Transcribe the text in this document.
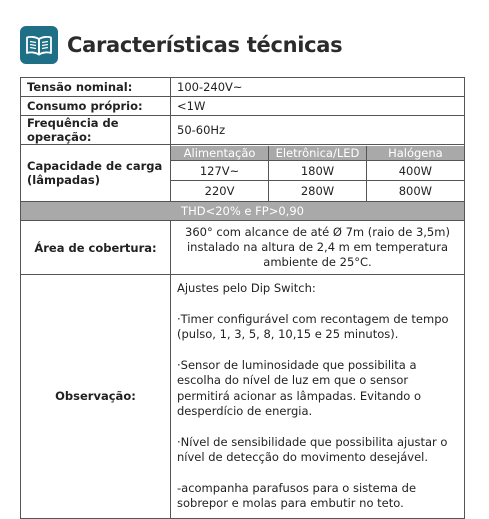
Características técnicas
Tensão nominal:	100-240V~
Consumo próprio:	<1W
Frequência de operação:	50-60Hz
Capacidade de carga (lâmpadas)	
Alimentação	Eletrônica/LED	Halógena
127V~	180W	400W
220V	280W	800W

THD<20% e FP>0,90
Área de cobertura:	360° com alcance de até Ø 7m (raio de 3,5m) instalado na altura de 2,4 m em temperatura ambiente de 25°C.
Observação:	

Ajustes pelo Dip Switch:

·Timer configurável com recontagem de tempo (pulso, 1, 3, 5, 8, 10,15 e 25 minutos).

·Sensor de luminosidade que possibilita a escolha do nível de luz em que o sensor permitirá acionar as lâmpadas. Evitando o desperdício de energia.

·Nível de sensibilidade que possibilita ajustar o nível de detecção do movimento desejável.

-acompanha parafusos para o sistema de sobrepor e molas para embutir no teto.
